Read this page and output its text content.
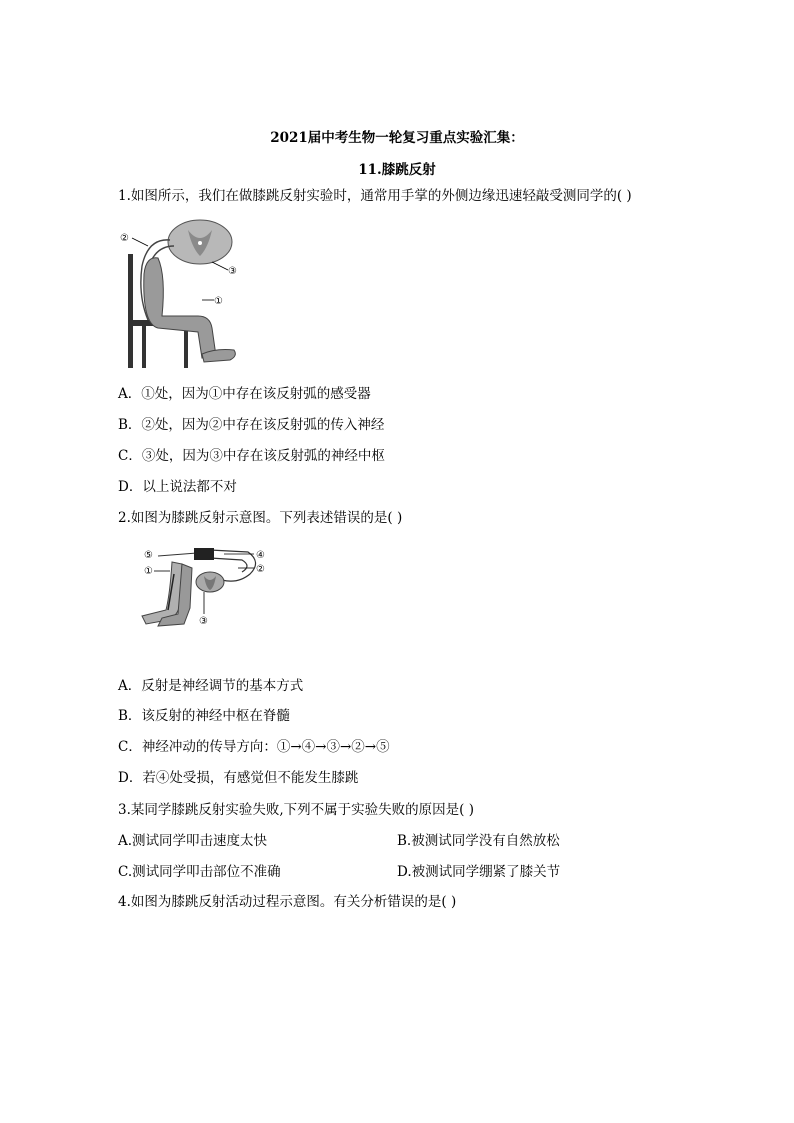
2021届中考生物一轮复习重点实验汇集：
11.膝跳反射
1.如图所示，我们在做膝跳反射实验时，通常用手掌的外侧边缘迅速轻敲受测同学的( )
②
③
①
A．①处，因为①中存在该反射弧的感受器
B．②处，因为②中存在该反射弧的传入神经
C．③处，因为③中存在该反射弧的神经中枢
D．以上说法都不对
2.如图为膝跳反射示意图。下列表述错误的是( )
⑤	④
①	②
③
A．反射是神经调节的基本方式
B．该反射的神经中枢在脊髓
C．神经冲动的传导方向：①→④→③→②→⑤
D．若④处受损，有感觉但不能发生膝跳
3.某同学膝跳反射实验失败,下列不属于实验失败的原因是( )
A.测试同学叩击速度太快	B.被测试同学没有自然放松
C.测试同学叩击部位不准确	D.被测试同学绷紧了膝关节
4.如图为膝跳反射活动过程示意图。有关分析错误的是( )
